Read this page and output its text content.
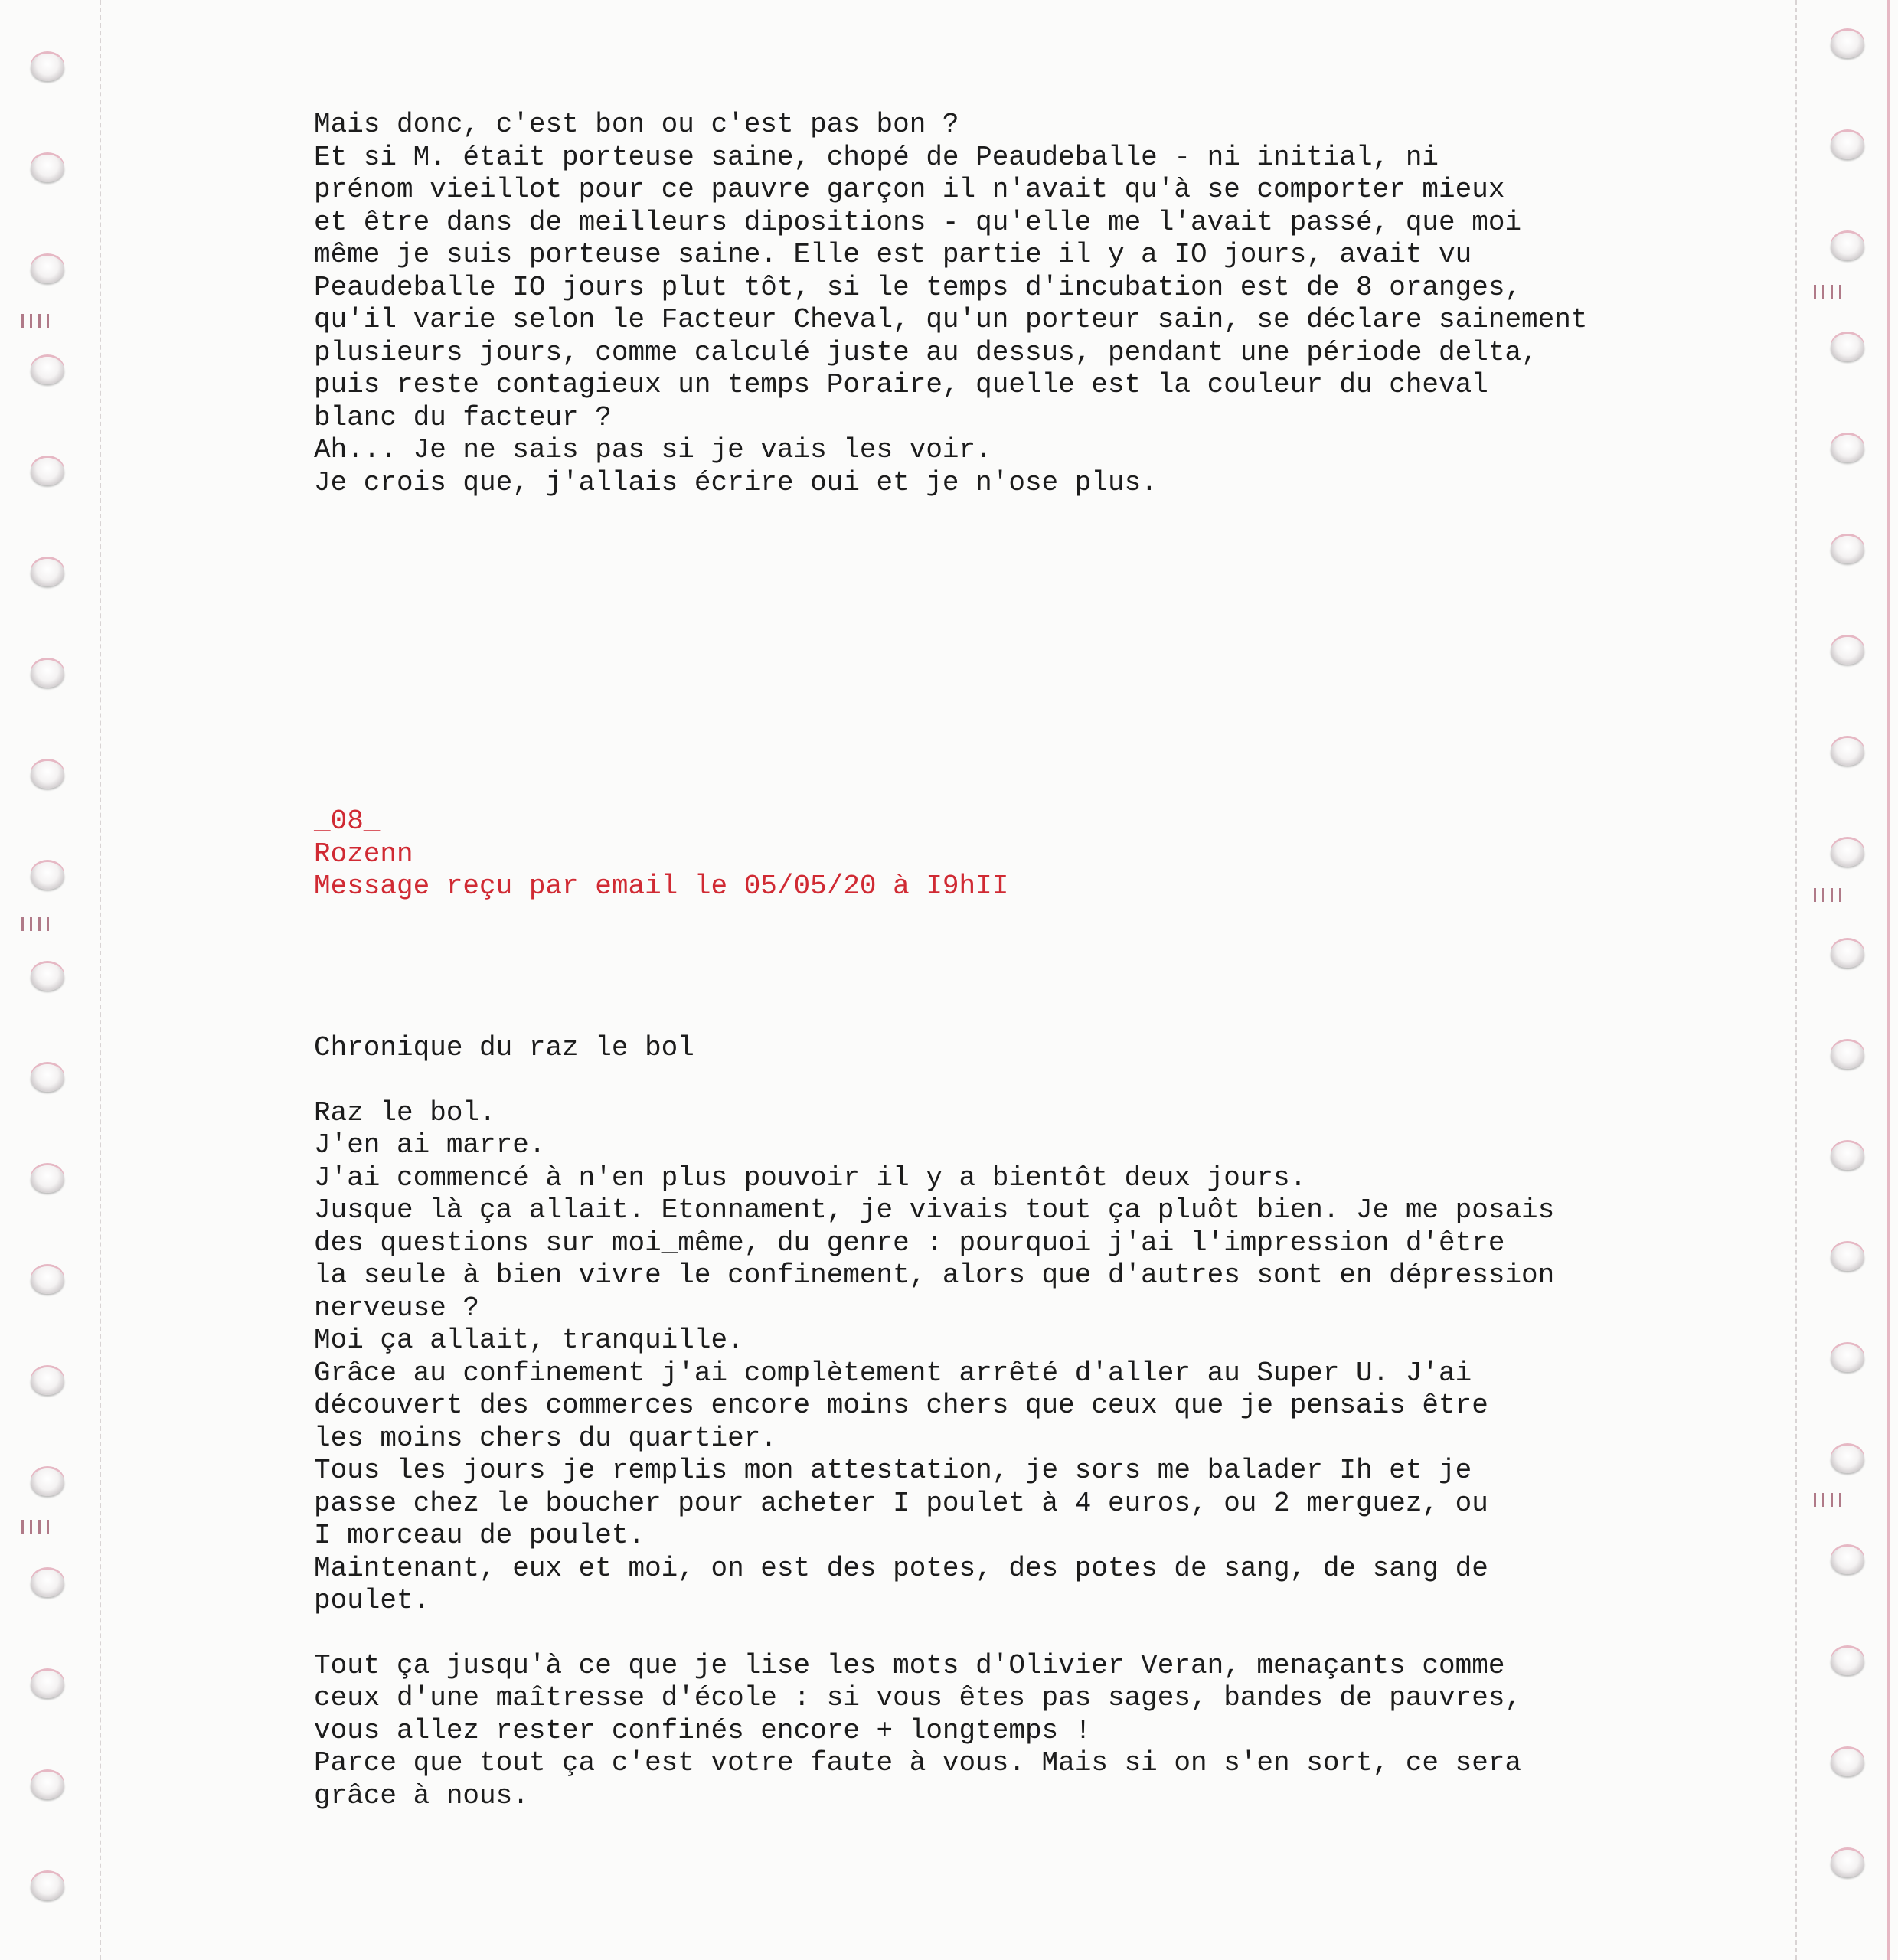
Mais donc, c'est bon ou c'est pas bon ?
Et si M. était porteuse saine, chopé de Peaudeballe - ni initial, ni
prénom vieillot pour ce pauvre garçon il n'avait qu'à se comporter mieux
et être dans de meilleurs dipositions - qu'elle me l'avait passé, que moi
même je suis porteuse saine. Elle est partie il y a IO jours, avait vu
Peaudeballe IO jours plut tôt, si le temps d'incubation est de 8 oranges,
qu'il varie selon le Facteur Cheval, qu'un porteur sain, se déclare sainement
plusieurs jours, comme calculé juste au dessus, pendant une période delta,
puis reste contagieux un temps Poraire, quelle est la couleur du cheval
blanc du facteur ?
Ah... Je ne sais pas si je vais les voir.
Je crois que, j'allais écrire oui et je n'ose plus.
_08_
Rozenn
Message reçu par email le 05/05/20 à I9hII
Chronique du raz le bol
Raz le bol.
J'en ai marre.
J'ai commencé à n'en plus pouvoir il y a bientôt deux jours.
Jusque là ça allait. Etonnament, je vivais tout ça pluôt bien. Je me posais
des questions sur moi_même, du genre : pourquoi j'ai l'impression d'être
la seule à bien vivre le confinement, alors que d'autres sont en dépression
nerveuse ?
Moi ça allait, tranquille.
Grâce au confinement j'ai complètement arrêté d'aller au Super U. J'ai
découvert des commerces encore moins chers que ceux que je pensais être
les moins chers du quartier.
Tous les jours je remplis mon attestation, je sors me balader Ih et je
passe chez le boucher pour acheter I poulet à 4 euros, ou 2 merguez, ou
I morceau de poulet.
Maintenant, eux et moi, on est des potes, des potes de sang, de sang de
poulet.
Tout ça jusqu'à ce que je lise les mots d'Olivier Veran, menaçants comme
ceux d'une maîtresse d'école : si vous êtes pas sages, bandes de pauvres,
vous allez rester confinés encore + longtemps !
Parce que tout ça c'est votre faute à vous. Mais si on s'en sort, ce sera
grâce à nous.
